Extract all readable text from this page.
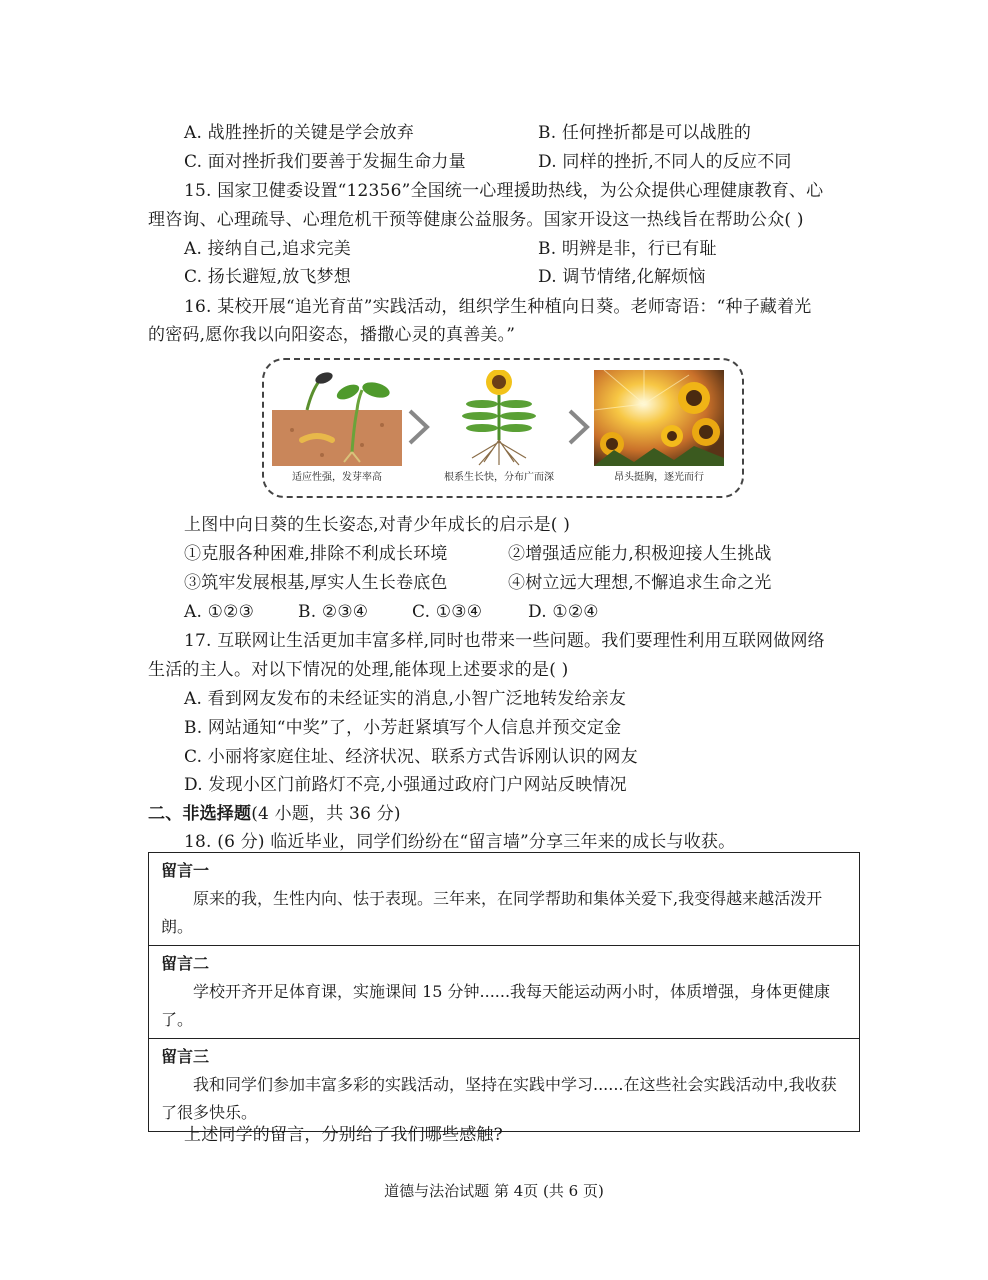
A. 战胜挫折的关键是学会放弃	B. 任何挫折都是可以战胜的
C. 面对挫折我们要善于发掘生命力量	D. 同样的挫折,不同人的反应不同
15. 国家卫健委设置“12356”全国统一心理援助热线，为公众提供心理健康教育、心
理咨询、心理疏导、心理危机干预等健康公益服务。国家开设这一热线旨在帮助公众( )
A. 接纳自己,追求完美	B. 明辨是非，行已有耻
C. 扬长避短,放飞梦想	D. 调节情绪,化解烦恼
16. 某校开展“追光育苗”实践活动，组织学生种植向日葵。老师寄语：“种子藏着光
的密码,愿你我以向阳姿态，播撒心灵的真善美。”
适应性强，发芽率高	根系生长快，分布广而深	昂头挺胸，逐光而行
上图中向日葵的生长姿态,对青少年成长的启示是( )
①克服各种困难,排除不利成长环境	②增强适应能力,积极迎接人生挑战
③筑牢发展根基,厚实人生长卷底色	④树立远大理想,不懈追求生命之光
A. ①②③	B. ②③④	C. ①③④	D. ①②④
17. 互联网让生活更加丰富多样,同时也带来一些问题。我们要理性利用互联网做网络
生活的主人。对以下情况的处理,能体现上述要求的是( )
A. 看到网友发布的未经证实的消息,小智广泛地转发给亲友
B. 网站通知“中奖”了，小芳赶紧填写个人信息并预交定金
C. 小丽将家庭住址、经济状况、联系方式告诉刚认识的网友
D. 发现小区门前路灯不亮,小强通过政府门户网站反映情况
二、非选择题(4 小题，共 36 分)
18. (6 分) 临近毕业，同学们纷纷在“留言墙”分享三年来的成长与收获。
留言一
原来的我，生性内向、怯于表现。三年来，在同学帮助和集体关爱下,我变得越来越活泼开朗。

留言二
学校开齐开足体育课，实施课间 15 分钟......我每天能运动两小时，体质增强，身体更健康了。

留言三
我和同学们参加丰富多彩的实践活动，坚持在实践中学习......在这些社会实践活动中,我收获了很多快乐。
上述同学的留言，分别给了我们哪些感触?
道德与法治试题 第 4页 (共 6 页)
